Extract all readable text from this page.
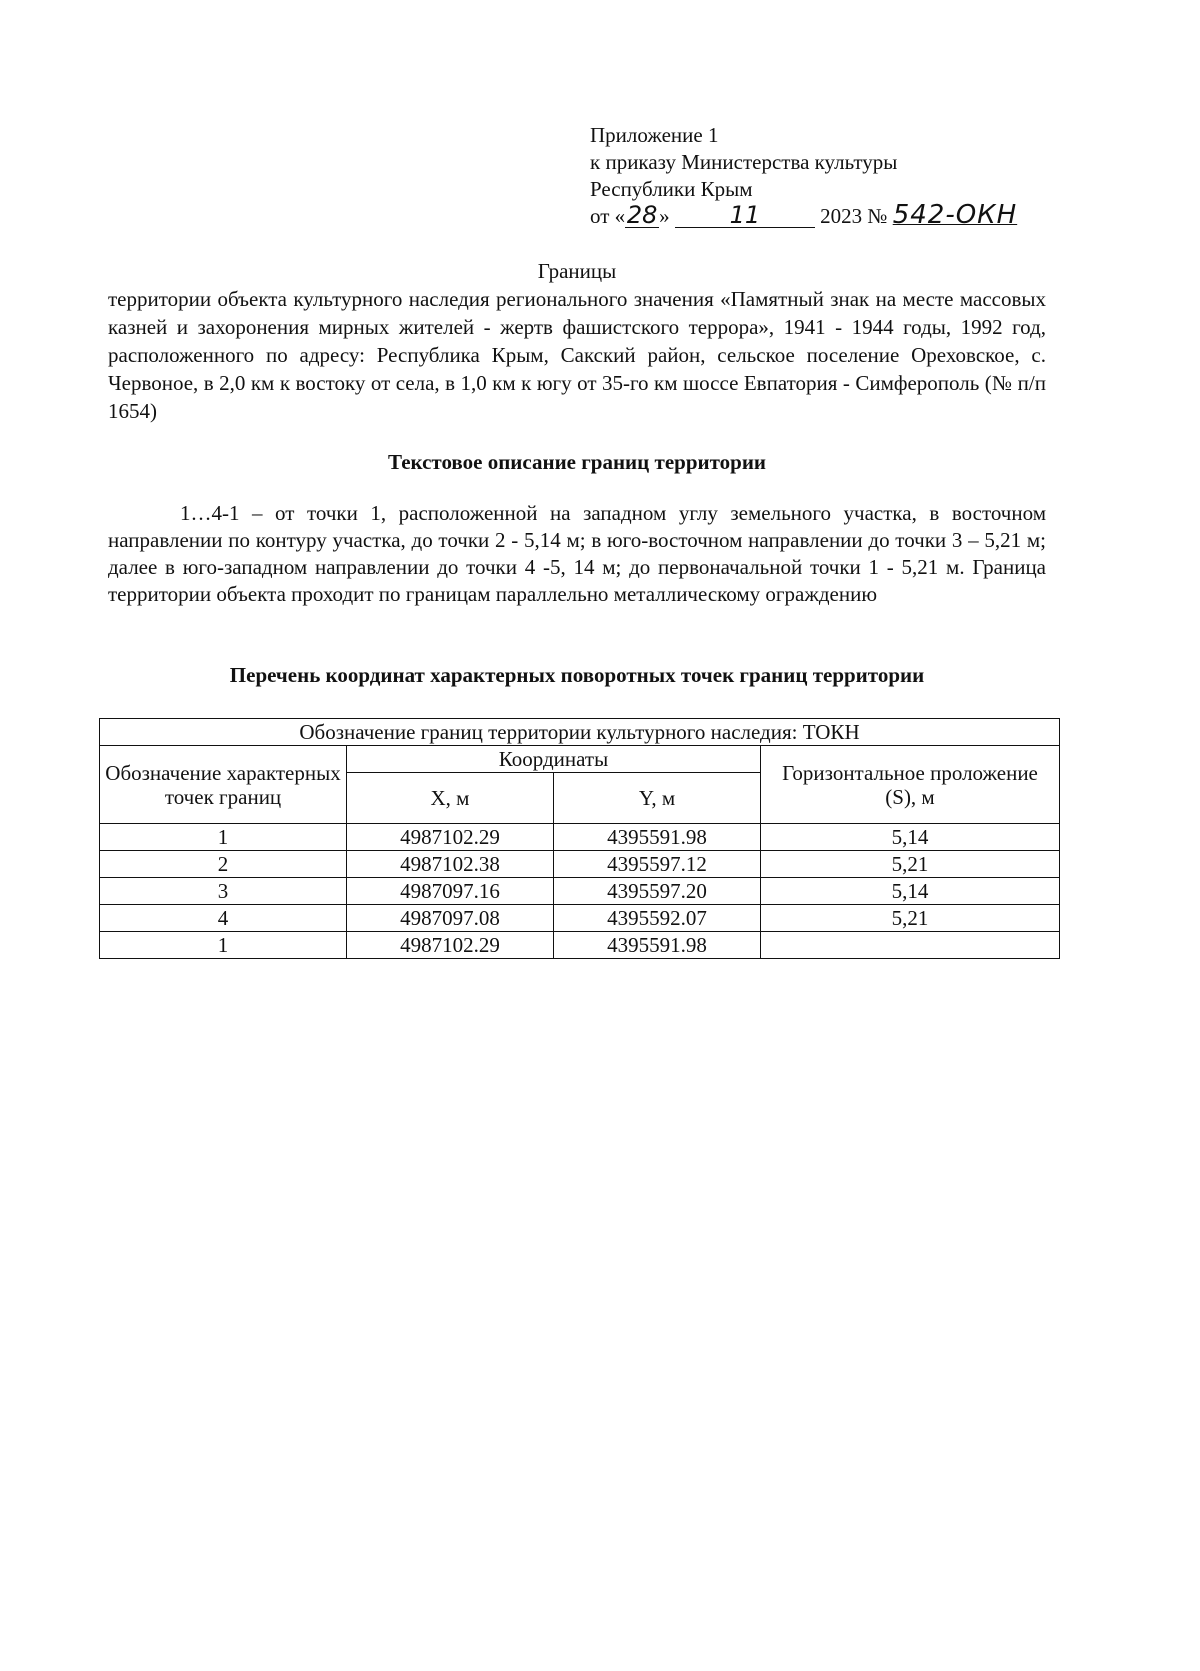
Приложение 1
к приказу Министерства культуры
Республики Крым
от «28» 11	2023 № 542-ОКН
Границы
территории объекта культурного наследия регионального значения «Памятный знак на месте массовых казней и захоронения мирных жителей - жертв фашистского террора», 1941 - 1944 годы, 1992 год, расположенного по адресу: Республика Крым, Сакский район, сельское поселение Ореховское, с. Червоное, в 2,0 км к востоку от села, в 1,0 км к югу от 35-го км шоссе Евпатория - Симферополь (№ п/п 1654)
Текстовое описание границ территории
1…4-1 – от точки 1, расположенной на западном углу земельного участка, в восточном направлении по контуру участка, до точки 2 - 5,14 м; в юго-восточном направлении до точки 3 – 5,21 м; далее в юго-западном направлении до точки 4 -5, 14 м; до первоначальной точки 1 - 5,21 м. Граница территории объекта проходит по границам параллельно металлическому ограждению
Перечень координат характерных поворотных точек границ территории
Обозначение границ территории культурного наследия: ТОКН			
Обозначение характерных точек границ	Координаты		Горизонтальное проложение (S), м
	X, м	Y, м	
1	4987102.29	4395591.98	5,14
2	4987102.38	4395597.12	5,21
3	4987097.16	4395597.20	5,14
4	4987097.08	4395592.07	5,21
1	4987102.29	4395591.98	
